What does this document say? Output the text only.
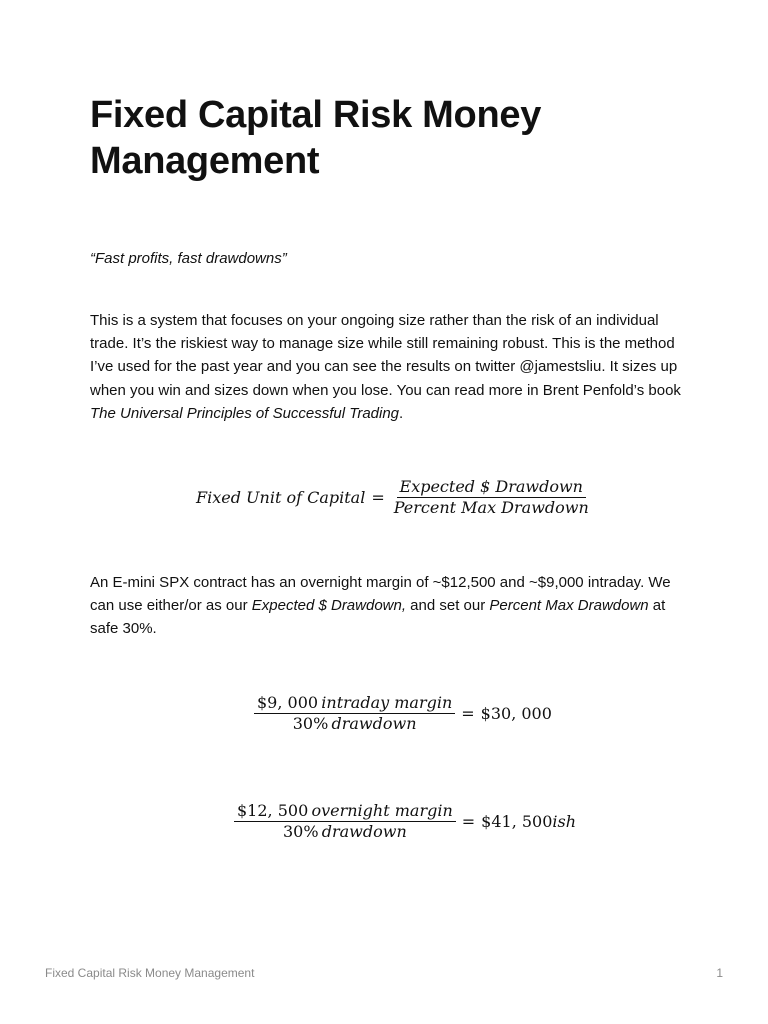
Fixed Capital Risk Money Management

“Fast profits, fast drawdowns”

This is a system that focuses on your ongoing size rather than the risk of an individual trade. It’s the riskiest way to manage size while still remaining robust. This is the method I’ve used for the past year and you can see the results on twitter @jamestsliu. It sizes up when you win and sizes down when you lose. You can read more in Brent Penfold’s book The Universal Principles of Successful Trading.

Fixed Unit of Capital = $\frac{\text{Expected \$ Drawdown}}{\text{Percent Max Drawdown}}$

An E-mini SPX contract has an overnight margin of ~$12,500 and ~$9,000 intraday. We can use either/or as our Expected $ Drawdown, and set our Percent Max Drawdown at safe 30%.

$\frac{\text{\$9, 000  intraday margin}}{\text{30\%  drawdown}}$ = $30, 000
$\frac{\text{\$12, 500  overnight margin}}{\text{30\%  drawdown}}$ = $41, 500 ish
Fixed Capital Risk Money Management	1
